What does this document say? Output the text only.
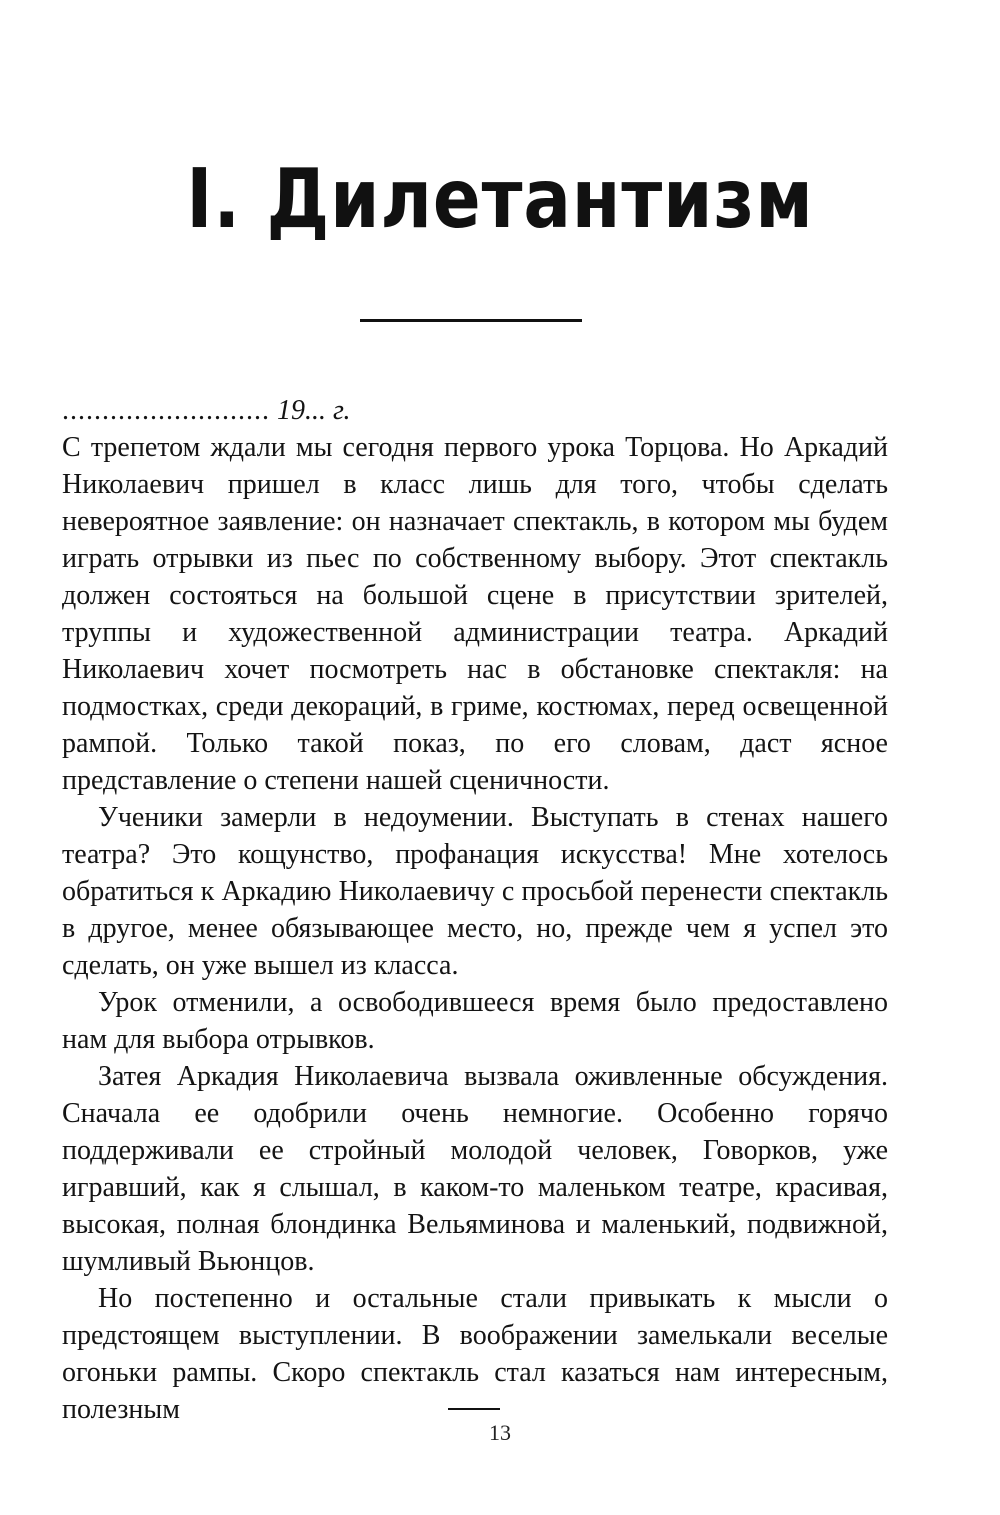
I. Дилетантизм

.......................... 19... г.

С трепетом ждали мы сегодня первого урока Торцова. Но Аркадий Николаевич пришел в класс лишь для того, чтобы сделать невероятное заявление: он назначает спектакль, в котором мы будем играть отрывки из пьес по собственному выбору. Этот спектакль должен состояться на большой сцене в присутствии зрителей, труппы и художественной администрации театра. Аркадий Николаевич хочет посмотреть нас в обстановке спектакля: на подмостках, среди декораций, в гриме, костюмах, перед освещенной рампой. Только такой показ, по его словам, даст ясное представление о степени нашей сценичности.

Ученики замерли в недоумении. Выступать в стенах нашего театра? Это кощунство, профанация искусства! Мне хотелось обратиться к Аркадию Николаевичу с просьбой перенести спектакль в другое, менее обязывающее место, но, прежде чем я успел это сделать, он уже вышел из класса.

Урок отменили, а освободившееся время было предоставлено нам для выбора отрывков.

Затея Аркадия Николаевича вызвала оживленные обсуждения. Сначала ее одобрили очень немногие. Особенно горячо поддерживали ее стройный молодой человек, Говорков, уже игравший, как я слышал, в каком-то маленьком театре, красивая, высокая, полная блондинка Вельяминова и маленький, подвижной, шумливый Вьюнцов.

Но постепенно и остальные стали привыкать к мысли о предстоящем выступлении. В воображении замелькали веселые огоньки рампы. Скоро спектакль стал казаться нам интересным, полезным

13
